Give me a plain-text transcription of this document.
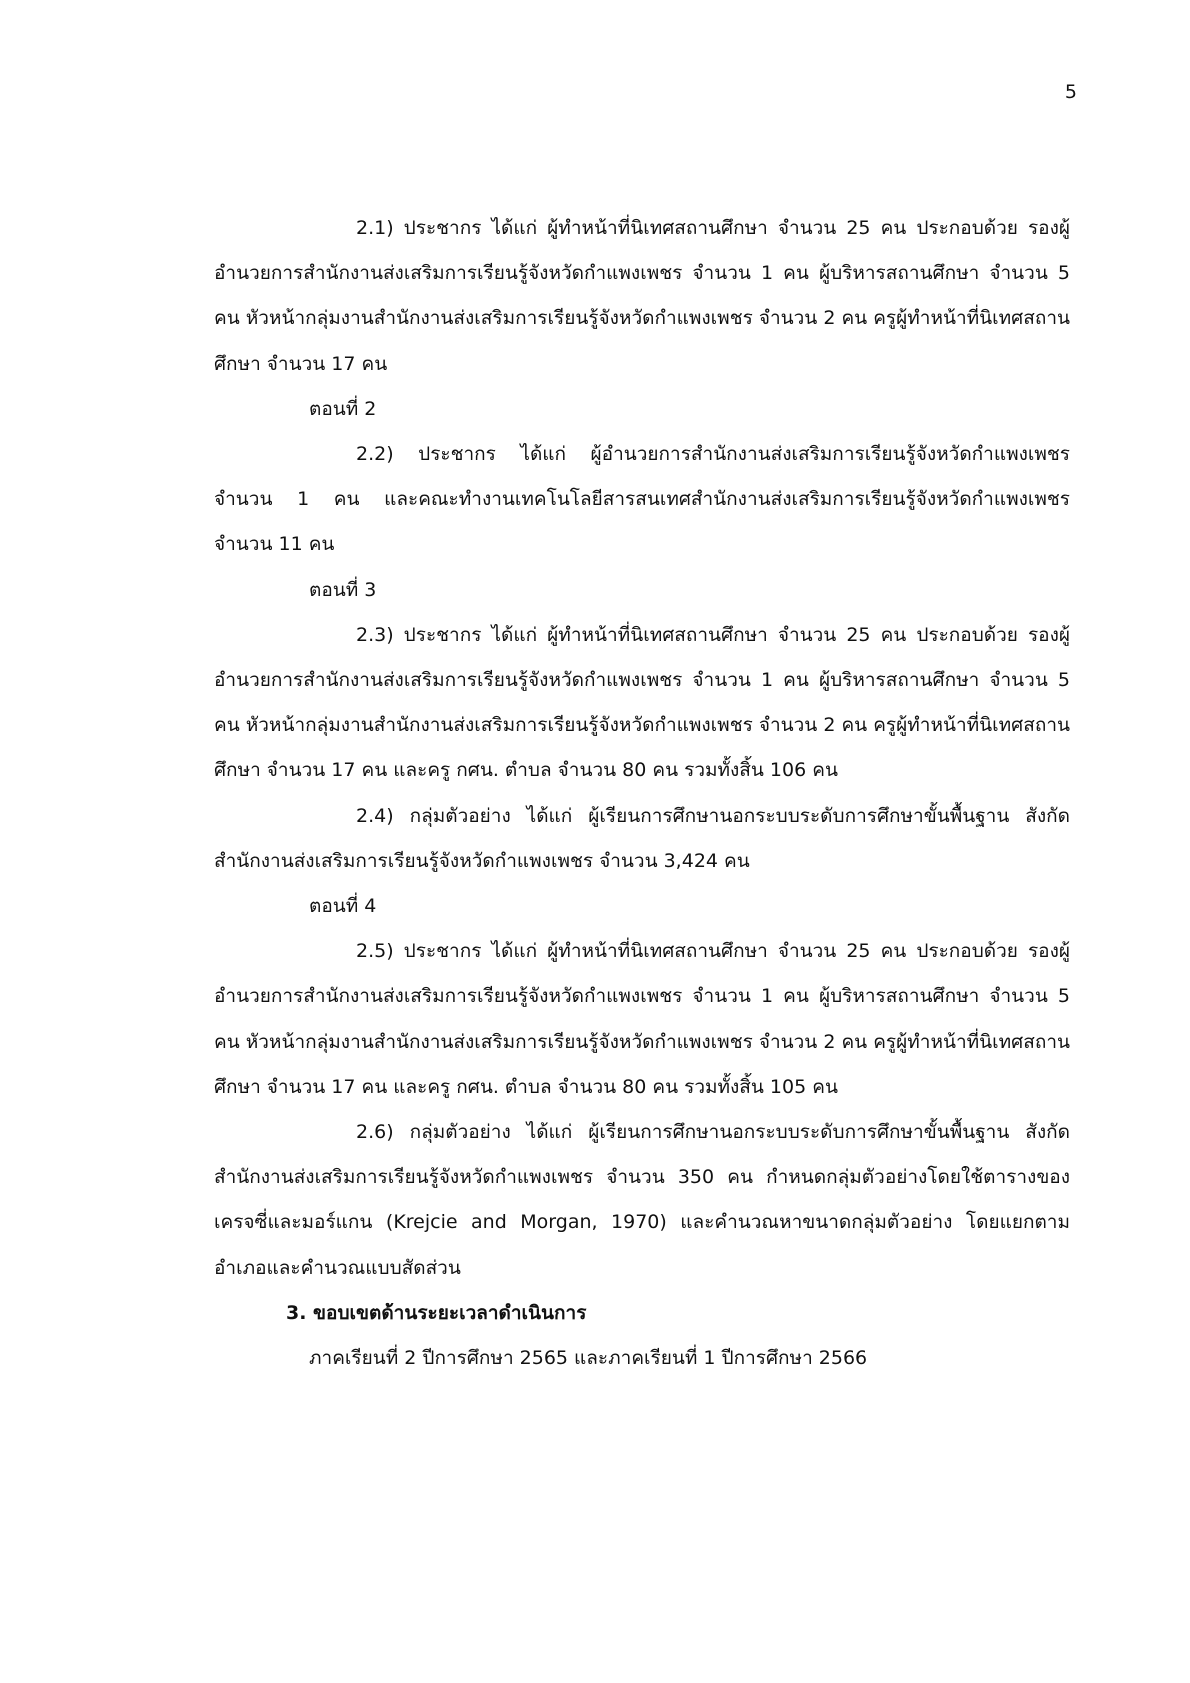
5

2.1) ประชากร ได้แก่ ผู้ทำหน้าที่นิเทศสถานศึกษา จำนวน 25 คน ประกอบด้วย รองผู้อำนวยการสำนักงานส่งเสริมการเรียนรู้จังหวัดกำแพงเพชร จำนวน 1 คน ผู้บริหารสถานศึกษา จำนวน 5 คน หัวหน้ากลุ่มงานสำนักงานส่งเสริมการเรียนรู้จังหวัดกำแพงเพชร จำนวน 2 คน ครูผู้ทำหน้าที่นิเทศสถานศึกษา จำนวน 17 คน

ตอนที่ 2

2.2) ประชากร ได้แก่ ผู้อำนวยการสำนักงานส่งเสริมการเรียนรู้จังหวัดกำแพงเพชร จำนวน 1 คน และคณะทำงานเทคโนโลยีสารสนเทศสำนักงานส่งเสริมการเรียนรู้จังหวัดกำแพงเพชร จำนวน 11 คน

ตอนที่ 3

2.3) ประชากร ได้แก่ ผู้ทำหน้าที่นิเทศสถานศึกษา จำนวน 25 คน ประกอบด้วย รองผู้อำนวยการสำนักงานส่งเสริมการเรียนรู้จังหวัดกำแพงเพชร จำนวน 1 คน ผู้บริหารสถานศึกษา จำนวน 5 คน หัวหน้ากลุ่มงานสำนักงานส่งเสริมการเรียนรู้จังหวัดกำแพงเพชร จำนวน 2 คน ครูผู้ทำหน้าที่นิเทศสถานศึกษา จำนวน 17 คน และครู กศน. ตำบล จำนวน 80 คน รวมทั้งสิ้น 106 คน

2.4) กลุ่มตัวอย่าง ได้แก่ ผู้เรียนการศึกษานอกระบบระดับการศึกษาขั้นพื้นฐาน สังกัดสำนักงานส่งเสริมการเรียนรู้จังหวัดกำแพงเพชร จำนวน 3,424 คน

ตอนที่ 4

2.5) ประชากร ได้แก่ ผู้ทำหน้าที่นิเทศสถานศึกษา จำนวน 25 คน ประกอบด้วย รองผู้อำนวยการสำนักงานส่งเสริมการเรียนรู้จังหวัดกำแพงเพชร จำนวน 1 คน ผู้บริหารสถานศึกษา จำนวน 5 คน หัวหน้ากลุ่มงานสำนักงานส่งเสริมการเรียนรู้จังหวัดกำแพงเพชร จำนวน 2 คน ครูผู้ทำหน้าที่นิเทศสถานศึกษา จำนวน 17 คน และครู กศน. ตำบล จำนวน 80 คน รวมทั้งสิ้น 105 คน

2.6) กลุ่มตัวอย่าง ได้แก่ ผู้เรียนการศึกษานอกระบบระดับการศึกษาขั้นพื้นฐาน สังกัดสำนักงานส่งเสริมการเรียนรู้จังหวัดกำแพงเพชร จำนวน 350 คน กำหนดกลุ่มตัวอย่างโดยใช้ตารางของเครจซี่และมอร์แกน (Krejcie and Morgan, 1970) และคำนวณหาขนาดกลุ่มตัวอย่าง โดยแยกตามอำเภอและคำนวณแบบสัดส่วน

3. ขอบเขตด้านระยะเวลาดำเนินการ

ภาคเรียนที่ 2 ปีการศึกษา 2565 และภาคเรียนที่ 1 ปีการศึกษา 2566
